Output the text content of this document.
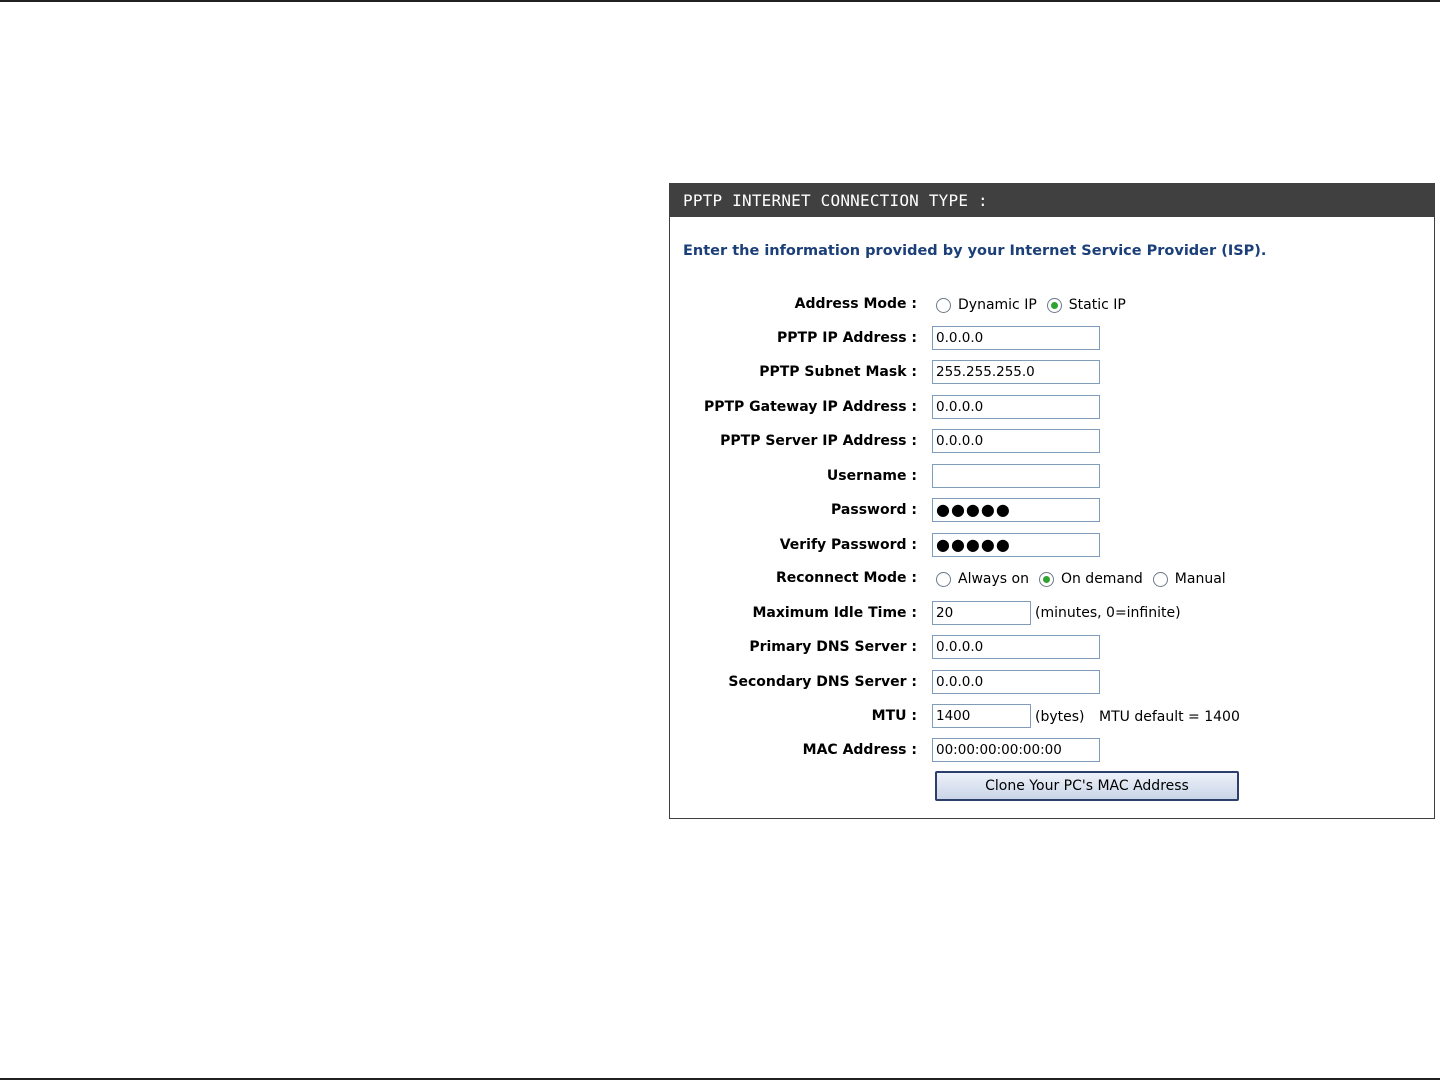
PPTP INTERNET CONNECTION TYPE :
Enter the information provided by your Internet Service Provider (ISP).
Address Mode :	Dynamic IP Static IP
PPTP IP Address :
0.0.0.0
PPTP Subnet Mask :
255.255.255.0
PPTP Gateway IP Address :
0.0.0.0
PPTP Server IP Address :
0.0.0.0
Username :
Password :
●●●●●
Verify Password :
●●●●●
Reconnect Mode :	Always on On demand Manual
Maximum Idle Time :
20	(minutes, 0=infinite)
Primary DNS Server :
0.0.0.0
Secondary DNS Server :
0.0.0.0
MTU :
1400	(bytes) MTU default = 1400
MAC Address :
00:00:00:00:00:00
Clone Your PC's MAC Address
